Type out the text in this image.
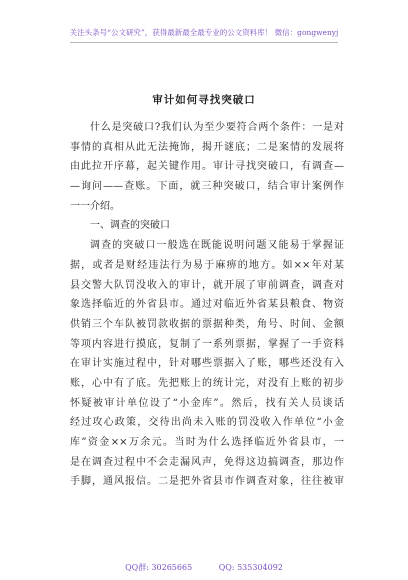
关注头条号“公文研究”，获得最新最全最专业的公文资料库！ 微信：gongwenyj
审计如何寻找突破口
什么是突破口?我们认为至少要符合两个条件：一是对
事情的真相从此无法掩饰，揭开谜底；二是案情的发展将
由此拉开序幕，起关键作用。审计寻找突破口，有调查—
—询问——查账。下面，就三种突破口，结合审计案例作
一一介绍。
一、调查的突破口
调查的突破口一般选在既能说明问题又能易于掌握证
据，或者是财经违法行为易于麻痹的地方。如××年对某
县交警大队罚没收入的审计，就开展了审前调查，调查对
象选择临近的外省县市。通过对临近外省某县粮食、物资
供销三个车队被罚款收据的票据种类，角号、时间、金额
等项内容进行摸底，复制了一系列票据，掌握了一手资料
在审计实施过程中，针对哪些票据入了账，哪些还没有入
账，心中有了底。先把账上的统计完，对没有上账的初步
怀疑被审计单位设了“小金库”。然后，找有关人员谈话
经过攻心政策，交待出尚未入账的罚没收入作单位“小金
库”资金××万余元。当时为什么选择临近外省县市，一
是在调查过程中不会走漏风声，免得这边搞调查，那边作
手脚，通风报信。二是把外省县市作调查对象，往往被审
QQ群: 30265665	QQ: 535304092
